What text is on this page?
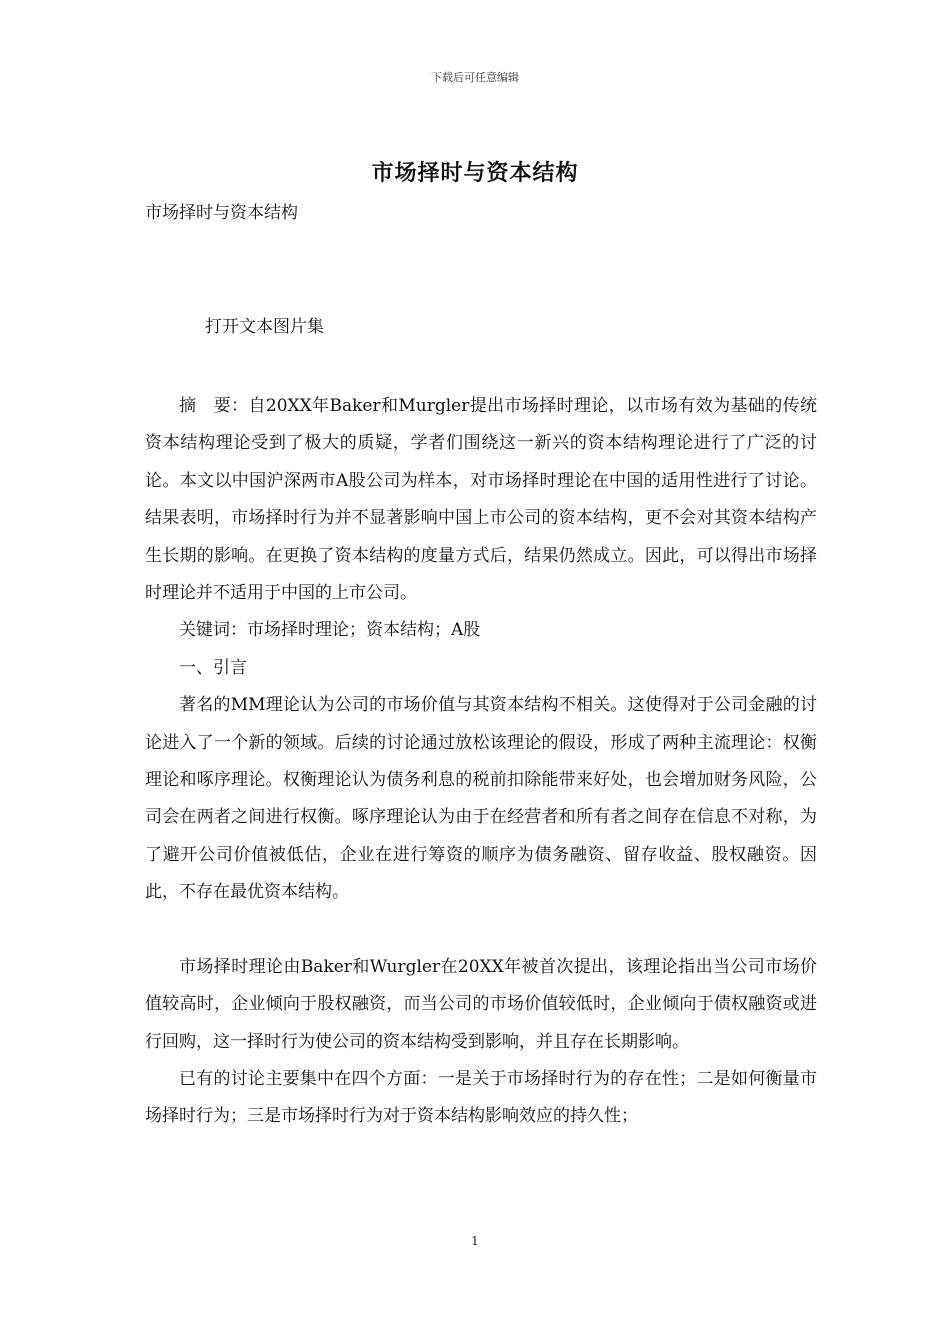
下载后可任意编辑
市场择时与资本结构

市场择时与资本结构

打开文本图片集

摘　要：自20XX年Baker和Murgler提出市场择时理论，以市场有效为基础的传统资本结构理论受到了极大的质疑，学者们围绕这一新兴的资本结构理论进行了广泛的讨论。本文以中国沪深两市A股公司为样本，对市场择时理论在中国的适用性进行了讨论。结果表明，市场择时行为并不显著影响中国上市公司的资本结构，更不会对其资本结构产生长期的影响。在更换了资本结构的度量方式后，结果仍然成立。因此，可以得出市场择时理论并不适用于中国的上市公司。

关键词：市场择时理论；资本结构；A股

一、引言

著名的MM理论认为公司的市场价值与其资本结构不相关。这使得对于公司金融的讨论进入了一个新的领域。后续的讨论通过放松该理论的假设，形成了两种主流理论：权衡理论和啄序理论。权衡理论认为债务利息的税前扣除能带来好处，也会增加财务风险，公司会在两者之间进行权衡。啄序理论认为由于在经营者和所有者之间存在信息不对称，为了避开公司价值被低估，企业在进行筹资的顺序为债务融资、留存收益、股权融资。因此，不存在最优资本结构。

市场择时理论由Baker和Wurgler在20XX年被首次提出，该理论指出当公司市场价值较高时，企业倾向于股权融资，而当公司的市场价值较低时，企业倾向于债权融资或进行回购，这一择时行为使公司的资本结构受到影响，并且存在长期影响。

已有的讨论主要集中在四个方面：一是关于市场择时行为的存在性；二是如何衡量市场择时行为；三是市场择时行为对于资本结构影响效应的持久性；

1
